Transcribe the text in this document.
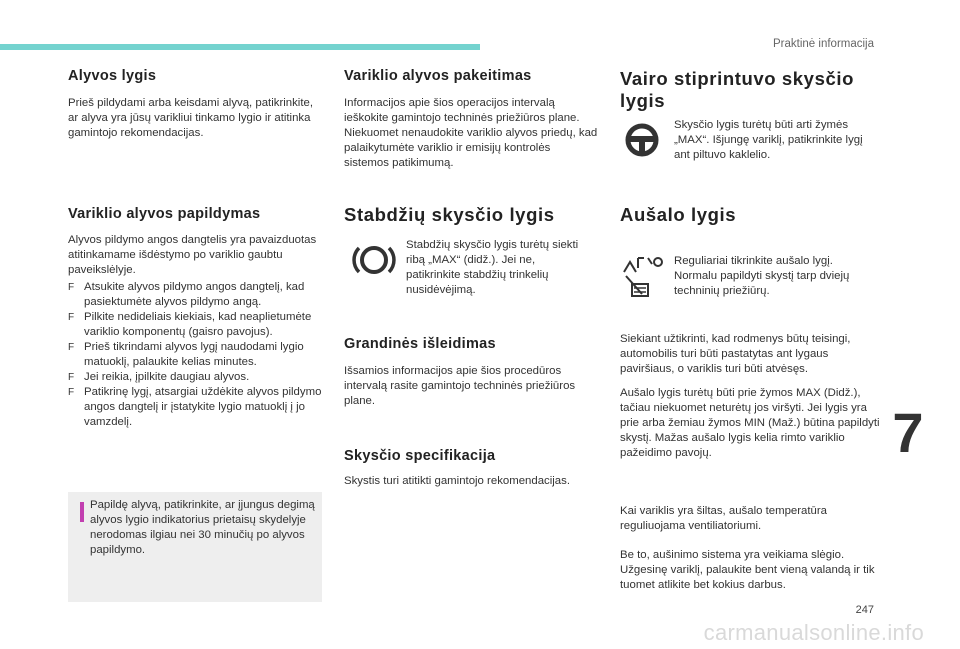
Praktinė informacija
Alyvos lygis

Prieš pildydami arba keisdami alyvą, patikrinkite, ar alyva yra jūsų varikliui tinkamo lygio ir atitinka gamintojo rekomendacijas.

Variklio alyvos papildymas

Alyvos pildymo angos dangtelis yra pavaizduotas atitinkamame išdėstymo po variklio gaubtu paveikslėlyje.

F Atsukite alyvos pildymo angos dangtelį, kad pasiektumėte alyvos pildymo angą.
F Pilkite nedideliais kiekiais, kad neaplietumėte variklio komponentų (gaisro pavojus).
F Prieš tikrindami alyvos lygį naudodami lygio matuoklį, palaukite kelias minutes.
F Jei reikia, įpilkite daugiau alyvos.
F Patikrinę lygį, atsargiai uždėkite alyvos pildymo angos dangtelį ir įstatykite lygio matuoklį į jo vamzdelį.

Papildę alyvą, patikrinkite, ar įjungus degimą alyvos lygio indikatorius prietaisų skydelyje nerodomas ilgiau nei 30 minučių po alyvos papildymo.

Variklio alyvos pakeitimas

Informacijos apie šios operacijos intervalą ieškokite gamintojo techninės priežiūros plane. Niekuomet nenaudokite variklio alyvos priedų, kad palaikytumėte variklio ir emisijų kontrolės sistemos patikimumą.

Stabdžių skysčio lygis

Stabdžių skysčio lygis turėtų siekti ribą „MAX“ (didž.). Jei ne, patikrinkite stabdžių trinkelių nusidėvėjimą.

Grandinės išleidimas

Išsamios informacijos apie šios procedūros intervalą rasite gamintojo techninės priežiūros plane.

Skysčio specifikacija

Skystis turi atitikti gamintojo rekomendacijas.

Vairo stiprintuvo skysčio lygis

Skysčio lygis turėtų būti arti žymės „MAX“. Išjungę variklį, patikrinkite lygį ant piltuvo kaklelio.

Aušalo lygis

Reguliariai tikrinkite aušalo lygį. Normalu papildyti skystį tarp dviejų techninių priežiūrų.

Siekiant užtikrinti, kad rodmenys būtų teisingi, automobilis turi būti pastatytas ant lygaus paviršiaus, o variklis turi būti atvėsęs.

Aušalo lygis turėtų būti prie žymos MAX (Didž.), tačiau niekuomet neturėtų jos viršyti. Jei lygis yra prie arba žemiau žymos MIN (Maž.) būtina papildyti skystį. Mažas aušalo lygis kelia rimto variklio pažeidimo pavojų.

Kai variklis yra šiltas, aušalo temperatūra reguliuojama ventiliatoriumi.

Be to, aušinimo sistema yra veikiama slėgio. Užgesinę variklį, palaukite bent vieną valandą ir tik tuomet atlikite bet kokius darbus.

7
247
carmanualsonline.info
